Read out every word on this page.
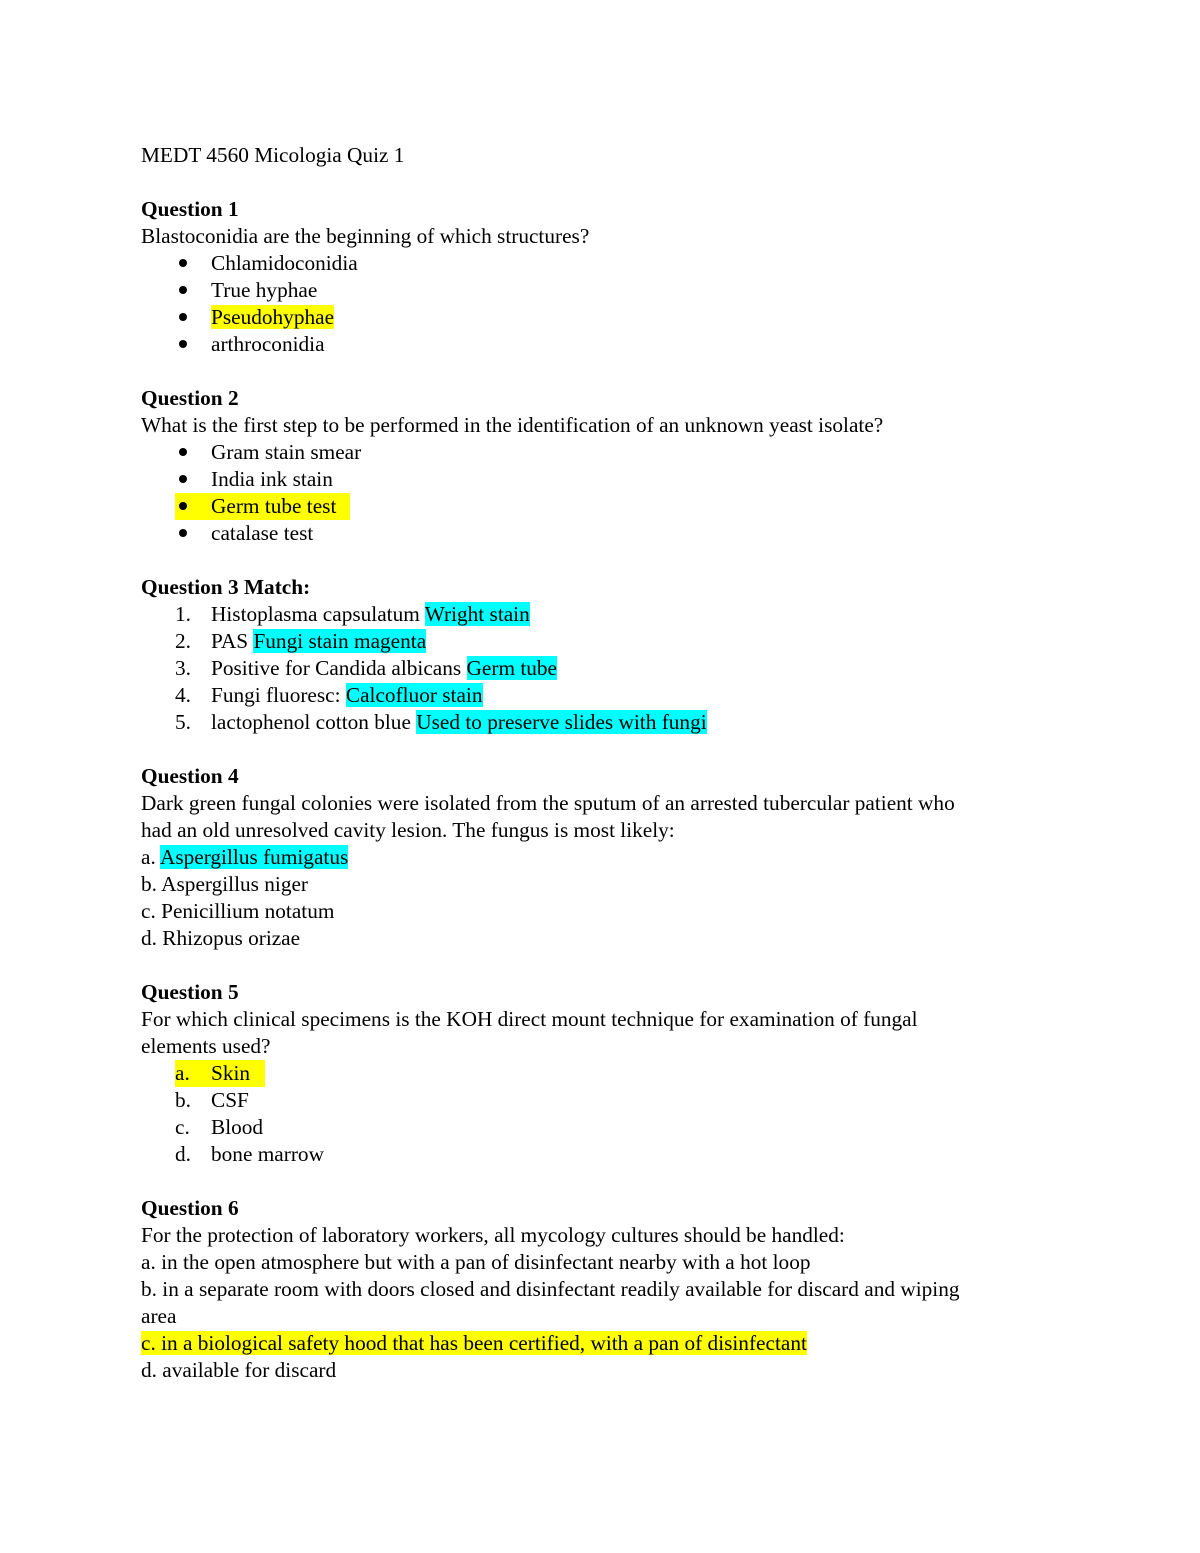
MEDT 4560 Micologia Quiz 1
Question 1
Blastoconidia are the beginning of which structures?
Chlamidoconidia
True hyphae
Pseudohyphae
arthroconidia
Question 2
What is the first step to be performed in the identification of an unknown yeast isolate?
Gram stain smear
India ink stain
Germ tube test
catalase test
Question 3 Match:
1. Histoplasma capsulatum Wright stain
2. PAS Fungi stain magenta
3. Positive for Candida albicans Germ tube
4. Fungi fluoresc: Calcofluor stain
5. lactophenol cotton blue Used to preserve slides with fungi
Question 4
Dark green fungal colonies were isolated from the sputum of an arrested tubercular patient who
had an old unresolved cavity lesion. The fungus is most likely:
a. Aspergillus fumigatus
b. Aspergillus niger
c. Penicillium notatum
d. Rhizopus orizae
Question 5
For which clinical specimens is the KOH direct mount technique for examination of fungal
elements used?
a. Skin
b. CSF
c. Blood
d. bone marrow
Question 6
For the protection of laboratory workers, all mycology cultures should be handled:
a. in the open atmosphere but with a pan of disinfectant nearby with a hot loop
b. in a separate room with doors closed and disinfectant readily available for discard and wiping
area
c. in a biological safety hood that has been certified, with a pan of disinfectant
d. available for discard
